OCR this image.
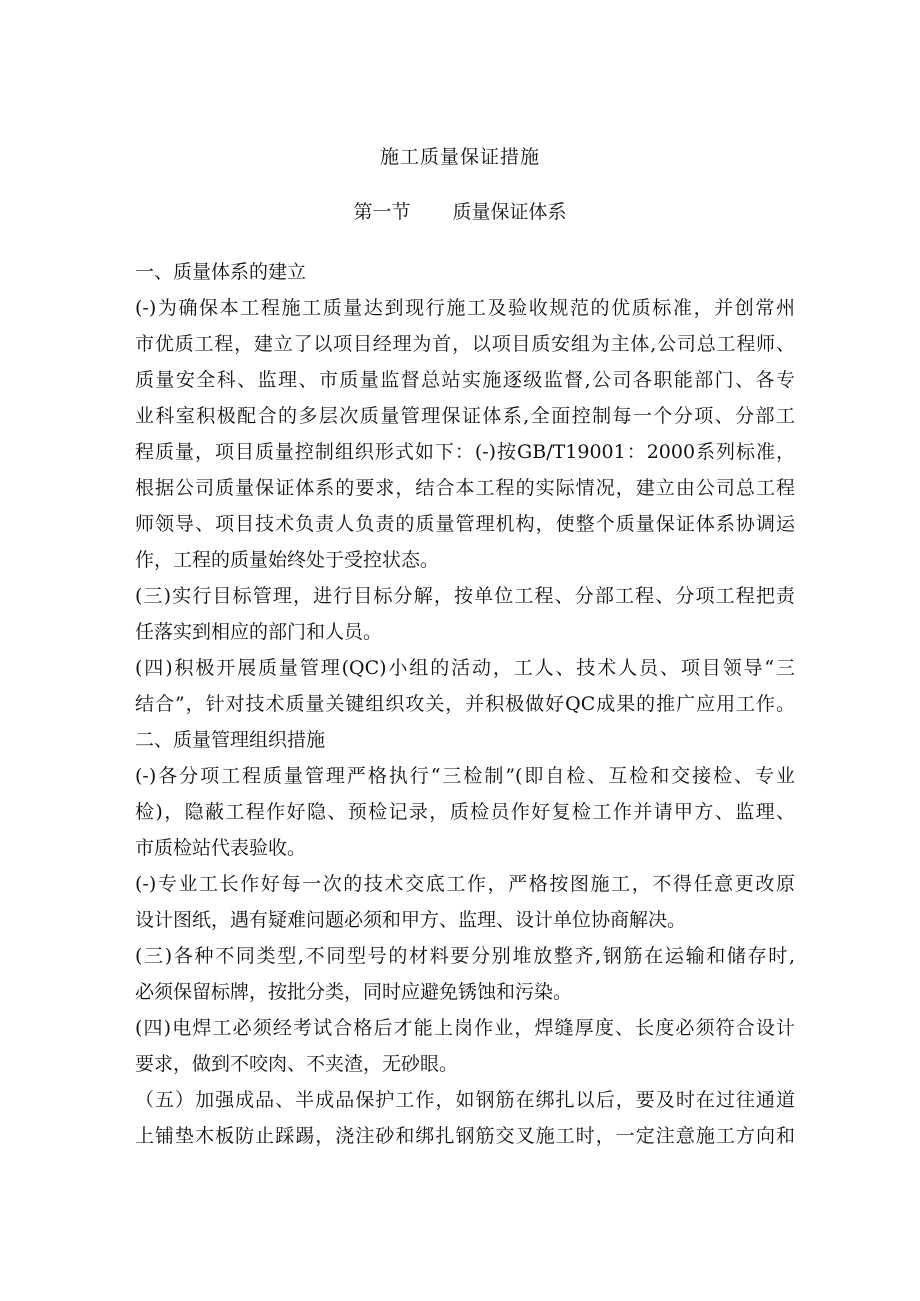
施工质量保证措施
第一节 质量保证体系
一、质量体系的建立
(-)为确保本工程施工质量达到现行施工及验收规范的优质标准，并创常州
市优质工程，建立了以项目经理为首，以项目质安组为主体,公司总工程师、
质量安全科、监理、市质量监督总站实施逐级监督,公司各职能部门、各专
业科室积极配合的多层次质量管理保证体系,全面控制每一个分项、分部工
程质量，项目质量控制组织形式如下：(-)按GB/T19001：2000系列标准，
根据公司质量保证体系的要求，结合本工程的实际情况，建立由公司总工程
师领导、项目技术负责人负责的质量管理机构，使整个质量保证体系协调运
作，工程的质量始终处于受控状态。
(三)实行目标管理，进行目标分解，按单位工程、分部工程、分项工程把责
任落实到相应的部门和人员。
(四)积极开展质量管理(QC)小组的活动，工人、技术人员、项目领导“三
结合”，针对技术质量关键组织攻关，并积极做好QC成果的推广应用工作。
二、质量管理组织措施
(-)各分项工程质量管理严格执行“三检制”(即自检、互检和交接检、专业
检)，隐蔽工程作好隐、预检记录，质检员作好复检工作并请甲方、监理、
市质检站代表验收。
(-)专业工长作好每一次的技术交底工作，严格按图施工，不得任意更改原
设计图纸，遇有疑难问题必须和甲方、监理、设计单位协商解决。
(三)各种不同类型,不同型号的材料要分别堆放整齐,钢筋在运输和储存时,
必须保留标牌，按批分类，同时应避免锈蚀和污染。
(四)电焊工必须经考试合格后才能上岗作业，焊缝厚度、长度必须符合设计
要求，做到不咬肉、不夹渣，无砂眼。
（五）加强成品、半成品保护工作，如钢筋在绑扎以后，要及时在过往通道
上铺垫木板防止踩踢，浇注砂和绑扎钢筋交叉施工时，一定注意施工方向和
